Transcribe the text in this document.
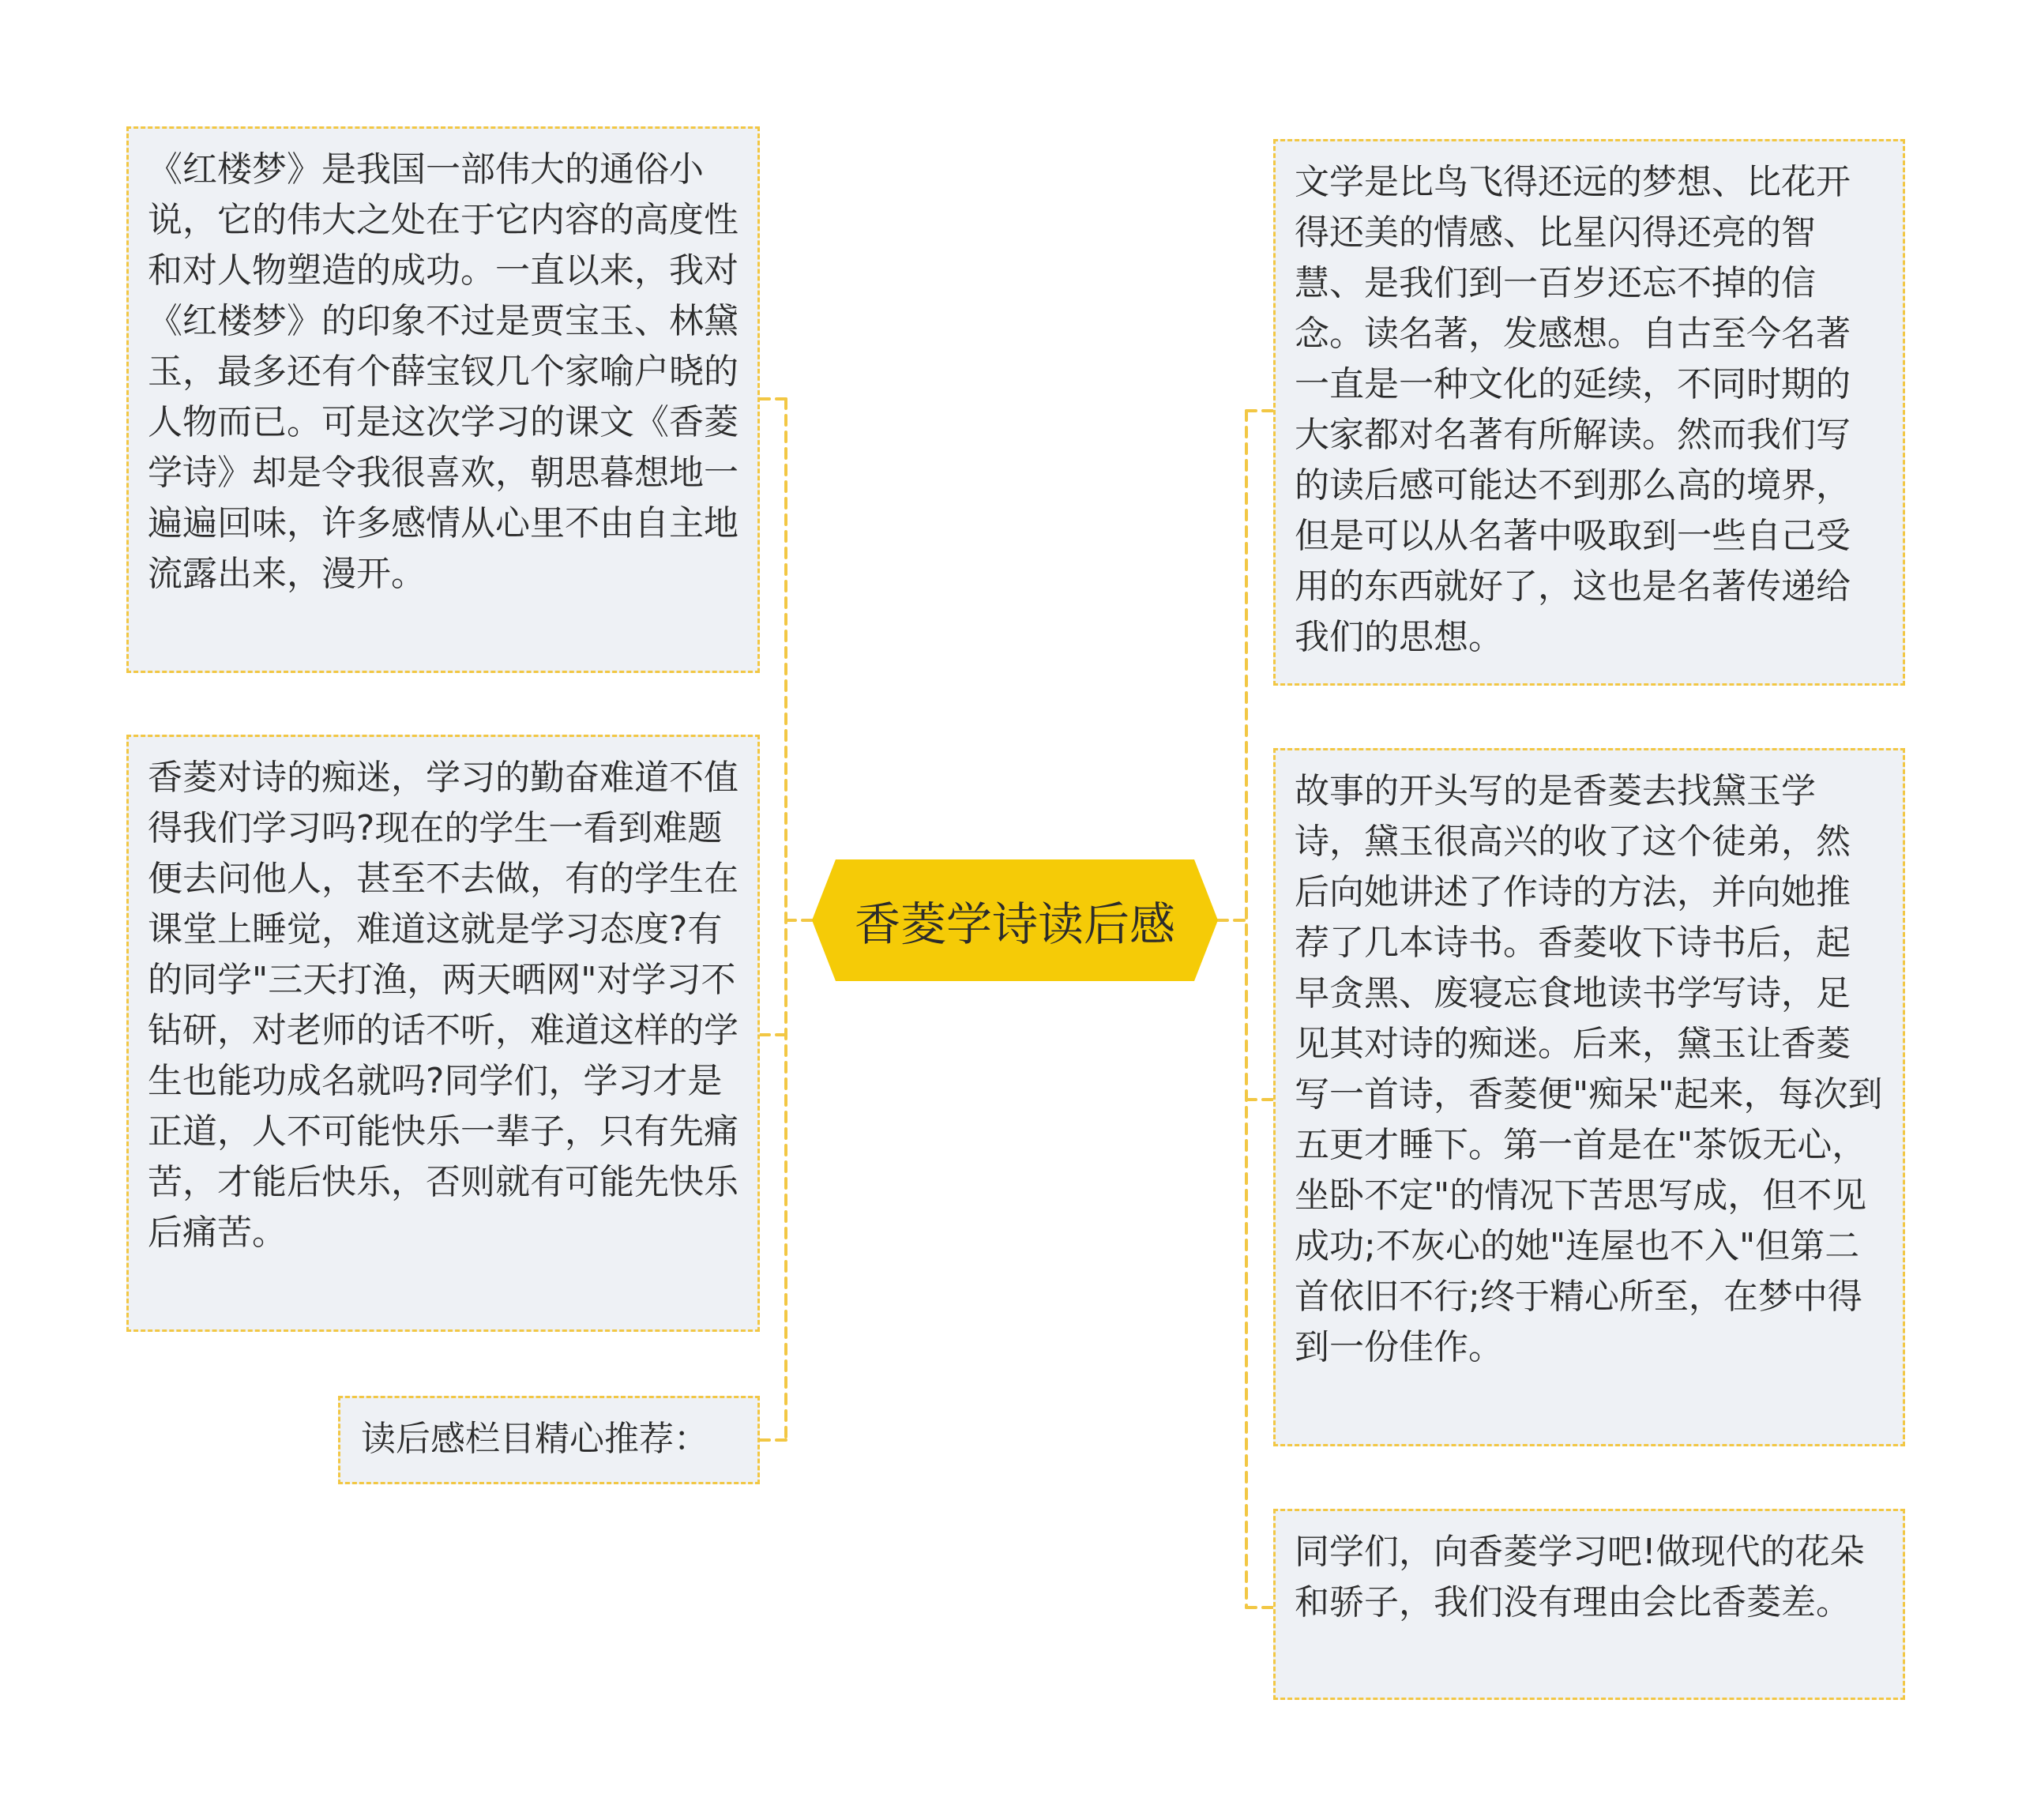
香菱学诗读后感
《红楼梦》是我国一部伟大的通俗小说，它的伟大之处在于它内容的高度性和对人物塑造的成功。一直以来，我对《红楼梦》的印象不过是贾宝玉、林黛玉，最多还有个薛宝钗几个家喻户晓的人物而已。可是这次学习的课文《香菱学诗》却是令我很喜欢，朝思暮想地一遍遍回味，许多感情从心里不由自主地流露出来，漫开。
香菱对诗的痴迷，学习的勤奋难道不值得我们学习吗?现在的学生一看到难题便去问他人，甚至不去做，有的学生在课堂上睡觉，难道这就是学习态度?有的同学"三天打渔，两天晒网"对学习不钻研，对老师的话不听，难道这样的学生也能功成名就吗?同学们，学习才是正道，人不可能快乐一辈子，只有先痛苦，才能后快乐，否则就有可能先快乐后痛苦。
读后感栏目精心推荐：
文学是比鸟飞得还远的梦想、比花开得还美的情感、比星闪得还亮的智慧、是我们到一百岁还忘不掉的信念。读名著，发感想。自古至今名著一直是一种文化的延续，不同时期的大家都对名著有所解读。然而我们写的读后感可能达不到那么高的境界，但是可以从名著中吸取到一些自己受用的东西就好了，这也是名著传递给我们的思想。
故事的开头写的是香菱去找黛玉学诗，黛玉很高兴的收了这个徒弟，然后向她讲述了作诗的方法，并向她推荐了几本诗书。香菱收下诗书后，起早贪黑、废寝忘食地读书学写诗，足见其对诗的痴迷。后来，黛玉让香菱写一首诗，香菱便"痴呆"起来，每次到五更才睡下。第一首是在"茶饭无心，坐卧不定"的情况下苦思写成，但不见成功;不灰心的她"连屋也不入"但第二首依旧不行;终于精心所至，在梦中得到一份佳作。
同学们，向香菱学习吧!做现代的花朵和骄子，我们没有理由会比香菱差。
